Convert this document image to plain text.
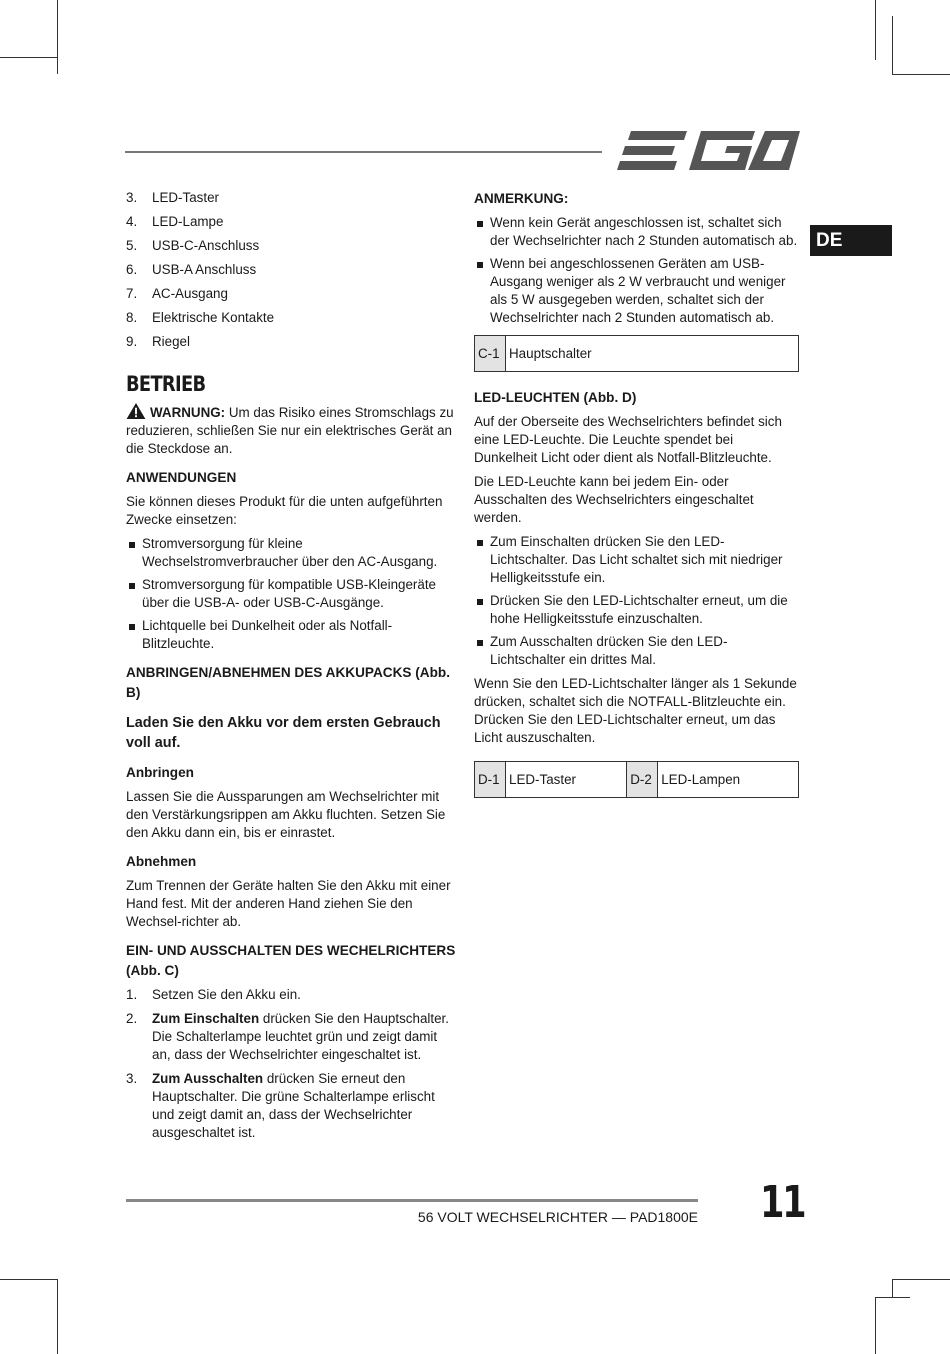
DE
3.	LED-Taster
4.	LED-Lampe
5.	USB-C-Anschluss
6.	USB-A Anschluss
7.	AC-Ausgang
8.	Elektrische Kontakte
9.	Riegel
BETRIEB

WARNUNG: Um das Risiko eines Stromschlags zu reduzieren, schließen Sie nur ein elektrisches Gerät an die Steckdose an.

ANWENDUNGEN

Sie können dieses Produkt für die unten aufgeführten Zwecke einsetzen:

Stromversorgung für kleine Wechselstromverbraucher über den AC-Ausgang.
Stromversorgung für kompatible USB-Kleingeräte über die USB-A- oder USB-C-Ausgänge.
Lichtquelle bei Dunkelheit oder als Notfall-Blitzleuchte.
ANBRINGEN/ABNEHMEN DES AKKUPACKS (Abb. B)
Laden Sie den Akku vor dem ersten Gebrauch voll auf.
Anbringen

Lassen Sie die Aussparungen am Wechselrichter mit den Verstärkungsrippen am Akku fluchten. Setzen Sie den Akku dann ein, bis er einrastet.

Abnehmen

Zum Trennen der Geräte halten Sie den Akku mit einer Hand fest. Mit der anderen Hand ziehen Sie den Wechsel-richter ab.

EIN- UND AUSSCHALTEN DES WECHELRICHTERS (Abb. C)
1.	Setzen Sie den Akku ein.
2.	Zum Einschalten drücken Sie den Hauptschalter. Die Schalterlampe leuchtet grün und zeigt damit an, dass der Wechselrichter eingeschaltet ist.
3.	Zum Ausschalten drücken Sie erneut den Hauptschalter. Die grüne Schalterlampe erlischt und zeigt damit an, dass der Wechselrichter ausgeschaltet ist.
ANMERKUNG:
Wenn kein Gerät angeschlossen ist, schaltet sich der Wechselrichter nach 2 Stunden automatisch ab.
Wenn bei angeschlossenen Geräten am USB-Ausgang weniger als 2 W verbraucht und weniger als 5 W ausgegeben werden, schaltet sich der Wechselrichter nach 2 Stunden automatisch ab.
C-1	Hauptschalter
LED-LEUCHTEN (Abb. D)

Auf der Oberseite des Wechselrichters befindet sich eine LED-Leuchte. Die Leuchte spendet bei Dunkelheit Licht oder dient als Notfall-Blitzleuchte.

Die LED-Leuchte kann bei jedem Ein- oder Ausschalten des Wechselrichters eingeschaltet werden.

Zum Einschalten drücken Sie den LED-Lichtschalter. Das Licht schaltet sich mit niedriger Helligkeitsstufe ein.
Drücken Sie den LED-Lichtschalter erneut, um die hohe Helligkeitsstufe einzuschalten.
Zum Ausschalten drücken Sie den LED-Lichtschalter ein drittes Mal.

Wenn Sie den LED-Lichtschalter länger als 1 Sekunde drücken, schaltet sich die NOTFALL-Blitzleuchte ein. Drücken Sie den LED-Lichtschalter erneut, um das Licht auszuschalten.

D-1	LED-Taster	D-2	LED-Lampen
56 VOLT WECHSELRICHTER — PAD1800E 11
